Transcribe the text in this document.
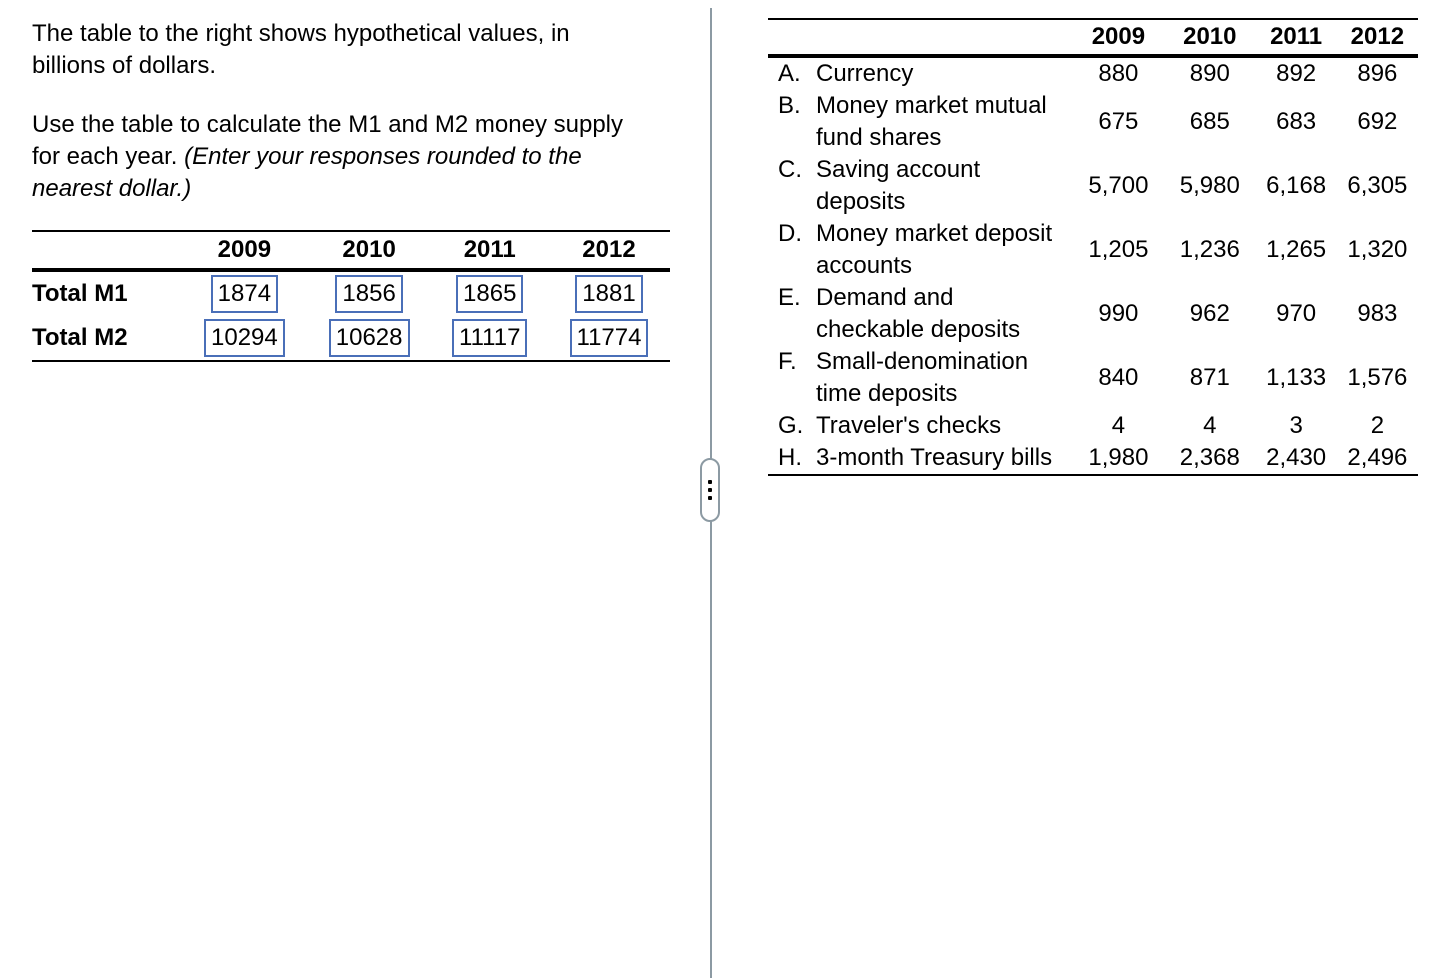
The table to the right shows hypothetical values, in billions of dollars.

Use the table to calculate the M1 and M2 money supply for each year. (Enter your responses rounded to the nearest dollar.)

	2009	2010	2011	2012
Total M1	1874	1856	1865	1881
Total M2	10294	10628	11117	11774
	2009	2010	2011	2012
A. Currency	880	890	892	896
B. Money market mutual fund shares	675	685	683	692
C. Saving account deposits	5,700	5,980	6,168	6,305
D. Money market deposit accounts	1,205	1,236	1,265	1,320
E. Demand and checkable deposits	990	962	970	983
F. Small-denomination time deposits	840	871	1,133	1,576
G. Traveler's checks	4	4	3	2
H. 3-month Treasury bills	1,980	2,368	2,430	2,496
